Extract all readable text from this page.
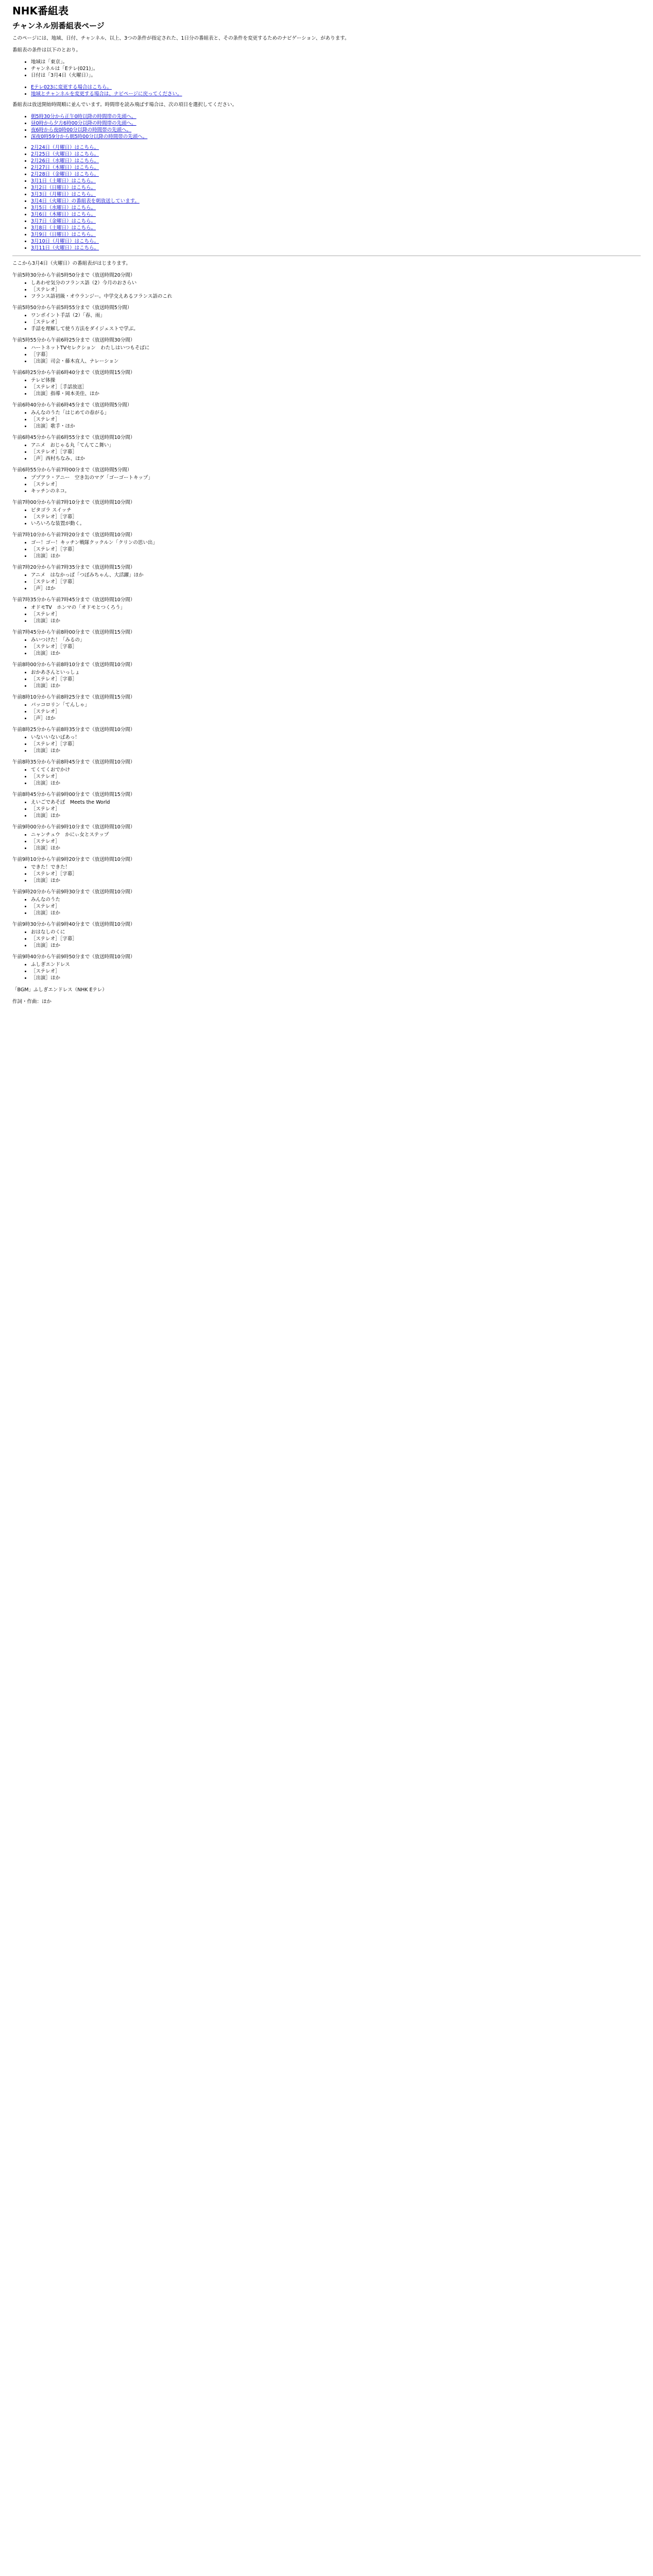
NHK番組表
チャンネル別番組表ページ

このページには、地域、日付、チャンネル、以上、3つの条件が指定された、1日分の番組表と、その条件を変更するためのナビゲーション、があります。

番組表の条件は以下のとおり。

• 地域は「東京」。
• チャンネルは「Eテレ(021)」。
• 日付は「3月4日（火曜日）」。
• Eテレ023に変更する場合はこちら。
• 地域とチャンネルを変更する場合は、ナビページに戻ってください。

番組表は放送開始時間順に並んでいます。時間帯を読み飛ばす場合は、次の項目を選択してください。

• 朝5時30分から正午0時以降の時間帯の先頭へ。
• 昼0時から夕方6時00分以降の時間帯の先頭へ。
• 夜6時から夜0時00分以降の時間帯の先頭へ。
• 深夜0時59分から朝5時00分以降の時間帯の先頭へ。
• 2月24日（月曜日）はこちら。
• 2月25日（火曜日）はこちら。
• 2月26日（水曜日）はこちら。
• 2月27日（木曜日）はこちら。
• 2月28日（金曜日）はこちら。
• 3月1日（土曜日）はこちら。
• 3月2日（日曜日）はこちら。
• 3月3日（月曜日）はこちら。
• 3月4日（火曜日）の番組表を朝放送しています。
• 3月5日（水曜日）はこちら。
• 3月6日（木曜日）はこちら。
• 3月7日（金曜日）はこちら。
• 3月8日（土曜日）はこちら。
• 3月9日（日曜日）はこちら。
• 3月10日（月曜日）はこちら。
• 3月11日（火曜日）はこちら。

ここから3月4日（火曜日）の番組表がはじまります。

午前5時30分から午前5時50分まで（放送時間20分間）
• しあわせ気分のフランス語（2）今月のおさらい
• ［ステレオ］
• フランス語初級・オウランジー。中学交えあるフランス語のこれ
午前5時50分から午前5時55分まで（放送時間5分間）
• ワンポイント手話（2）「春、雨」
• ［ステレオ］
• 手話を理解して使う方法をダイジェストで学ぶ。
午前5時55分から午前6時25分まで（放送時間30分間）
• ハートネットTVセレクション　わたしはいつもそばに
• ［字幕］
• ［出演］司会・藤木直人、ナレーション
午前6時25分から午前6時40分まで（放送時間15分間）
• テレビ体操
• ［ステレオ］［手話放送］
• ［出演］指導・岡本美佳、ほか
午前6時40分から午前6時45分まで（放送時間5分間）
• みんなのうた「はじめての春がる」
• ［ステレオ］
• ［出演］歌手・ほか
午前6時45分から午前6時55分まで（放送時間10分間）
• アニメ　おじゃる丸「てんてこ舞い」
• ［ステレオ］［字幕］
• ［声］西村ちなみ、ほか
午前6時55分から午前7時00分まで（放送時間5分間）
• ププアラ・アニー　空き缶のマグ「ゴーゴートキップ」
• ［ステレオ］
• キッチンのネコ。
午前7時00分から午前7時10分まで（放送時間10分間）
• ピタゴラ スイッチ
• ［ステレオ］［字幕］
• いろいろな装置が動く。
午前7時10分から午前7時20分まで（放送時間10分間）
• ゴー！ゴー！キッチン戦隊クックルン「クリンの思い出」
• ［ステレオ］［字幕］
• ［出演］ほか
午前7時20分から午前7時35分まで（放送時間15分間）
• アニメ　はなかっぱ「つぼみちゃん、大活躍」ほか
• ［ステレオ］［字幕］
• ［声］ほか
午前7時35分から午前7時45分まで（放送時間10分間）
• オドモTV　ホンマの「オドモとつくろう」
• ［ステレオ］
• ［出演］ほか
午前7時45分から午前8時00分まで（放送時間15分間）
• みいつけた！「みるの」
• ［ステレオ］［字幕］
• ［出演］ほか
午前8時00分から午前8時10分まで（放送時間10分間）
• おかあさんといっしょ
• ［ステレオ］［字幕］
• ［出演］ほか
午前8時10分から午前8時25分まで（放送時間15分間）
• パッコロリン「てんしゃ」
• ［ステレオ］
• ［声］ほか
午前8時25分から午前8時35分まで（放送時間10分間）
• いないいないばあっ！
• ［ステレオ］［字幕］
• ［出演］ほか
午前8時35分から午前8時45分まで（放送時間10分間）
• てくてくおでかけ
• ［ステレオ］
• ［出演］ほか
午前8時45分から午前9時00分まで（放送時間15分間）
• えいごであそぼ　Meets the World
• ［ステレオ］
• ［出演］ほか
午前9時00分から午前9時10分まで（放送時間10分間）
• ニャンチュウ　かにぃ女とステップ
• ［ステレオ］
• ［出演］ほか
午前9時10分から午前9時20分まで（放送時間10分間）
• できた！できた！
• ［ステレオ］［字幕］
• ［出演］ほか
午前9時20分から午前9時30分まで（放送時間10分間）
• みんなのうた
• ［ステレオ］
• ［出演］ほか
午前9時30分から午前9時40分まで（放送時間10分間）
• おはなしのくに
• ［ステレオ］［字幕］
• ［出演］ほか
午前9時40分から午前9時50分まで（放送時間10分間）
• ふしぎエンドレス
• ［ステレオ］
• ［出演］ほか

「BGM」ふしぎエンドレス（NHK Eテレ）

作詞・作曲：ほか
